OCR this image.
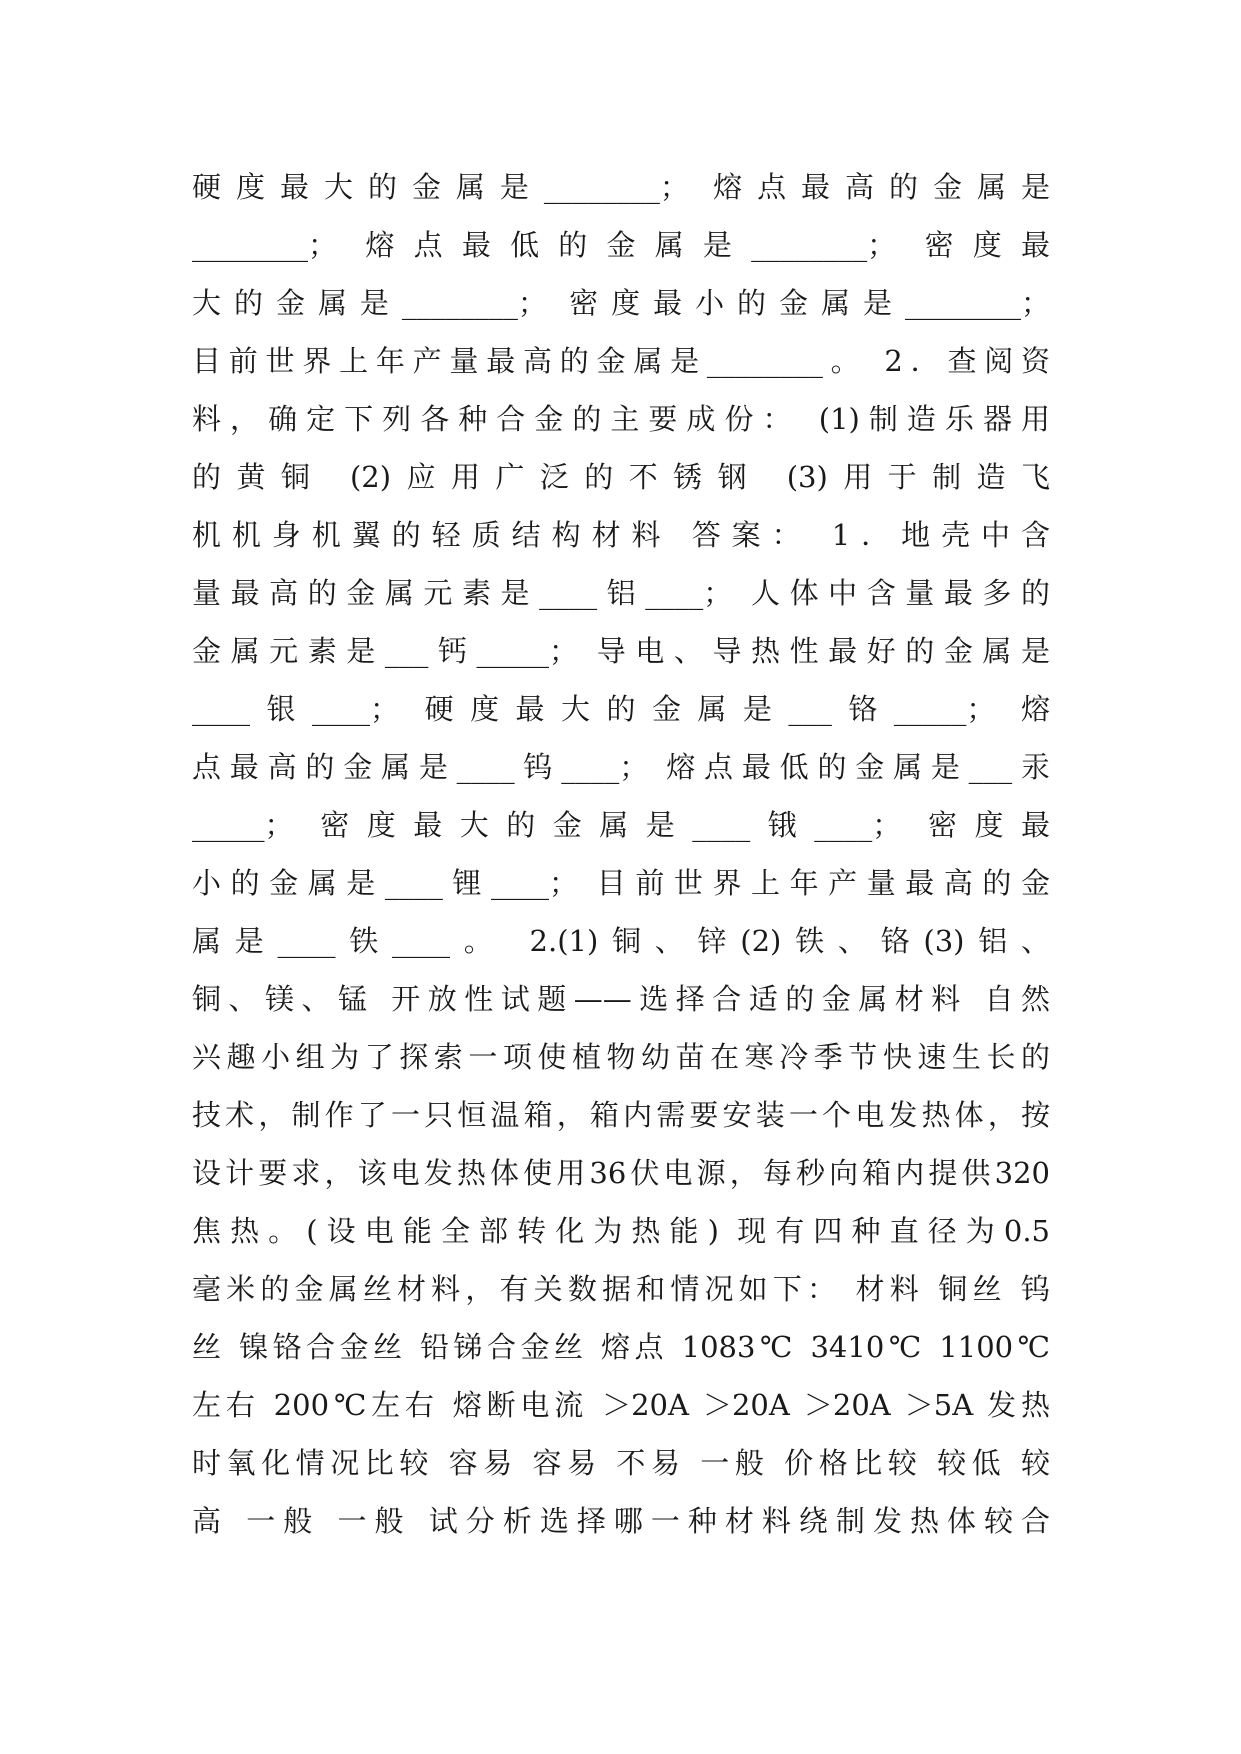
硬度最大的金属是________； 熔点最高的金属是
________； 熔点最低的金属是________； 密度最
大的金属是________； 密度最小的金属是________；
目前世界上年产量最高的金属是________。 2．查阅资
料，确定下列各种合金的主要成份： (1)制造乐器用
的黄铜 (2)应用广泛的不锈钢 (3)用于制造飞
机机身机翼的轻质结构材料 答案： 1．地壳中含
量最高的金属元素是____铝____； 人体中含量最多的
金属元素是___钙_____； 导电、导热性最好的金属是
____银____； 硬度最大的金属是___铬_____； 熔
点最高的金属是____钨____； 熔点最低的金属是___汞
_____； 密度最大的金属是____锇____； 密度最
小的金属是____锂____； 目前世界上年产量最高的金
属是____铁____。 2.(1)铜、锌(2)铁、铬(3)铝、
铜、镁、锰 开放性试题——选择合适的金属材料 自然
兴趣小组为了探索一项使植物幼苗在寒冷季节快速生长的
技术，制作了一只恒温箱，箱内需要安装一个电发热体，按
设计要求，该电发热体使用36伏电源，每秒向箱内提供320
焦热。(设电能全部转化为热能) 现有四种直径为0.5
毫米的金属丝材料，有关数据和情况如下： 材料 铜丝 钨
丝 镍铬合金丝 铅锑合金丝 熔点 1083℃ 3410℃ 1100℃
左右 200℃左右 熔断电流 ＞20A ＞20A ＞20A ＞5A 发热
时氧化情况比较 容易 容易 不易 一般 价格比较 较低 较
高 一般 一般 试分析选择哪一种材料绕制发热体较合
